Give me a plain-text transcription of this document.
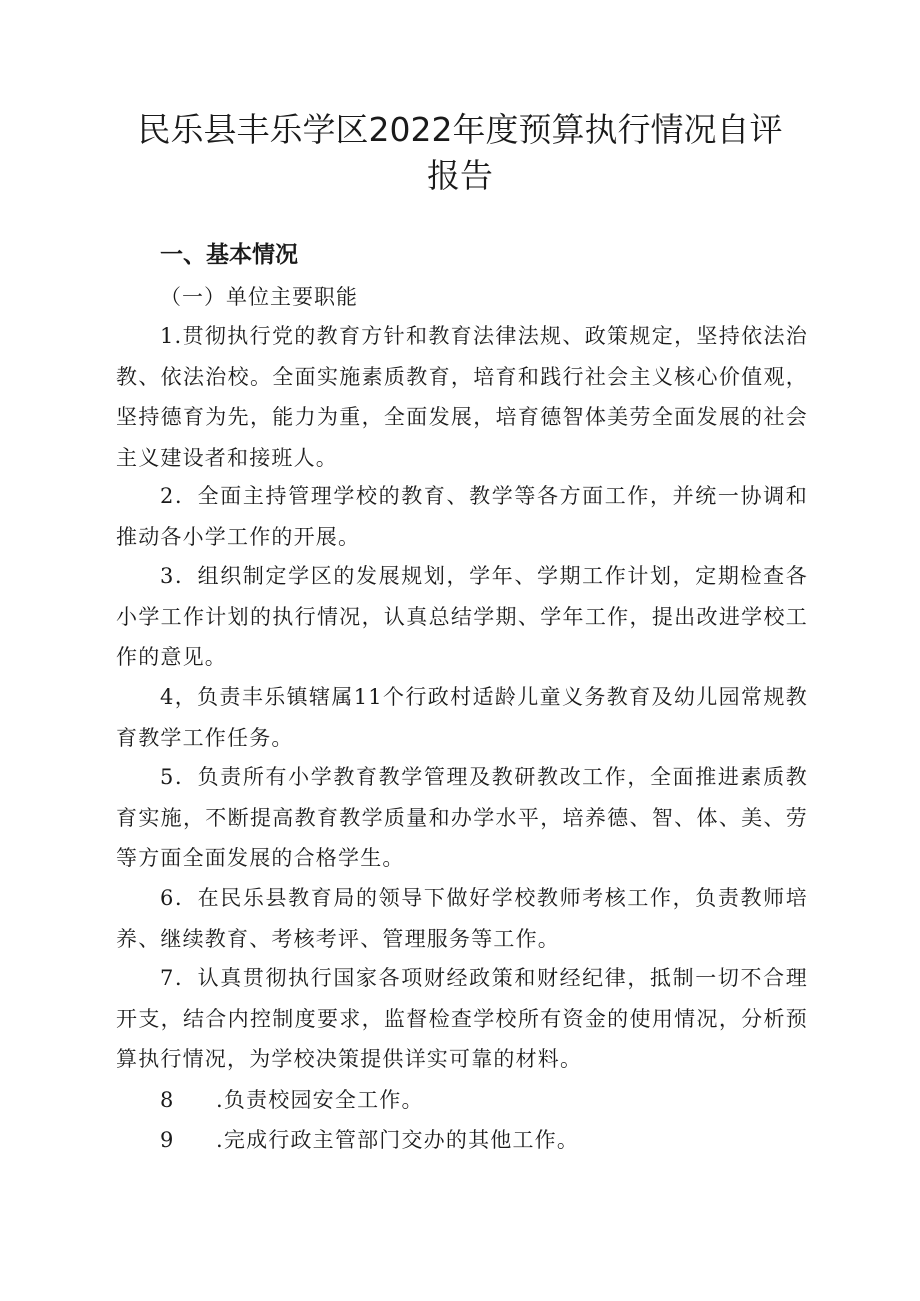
民乐县丰乐学区2022年度预算执行情况自评
报告
一、基本情况
（一）单位主要职能
1.贯彻执行党的教育方针和教育法律法规、政策规定，坚持依法治教、依法治校。全面实施素质教育，培育和践行社会主义核心价值观，坚持德育为先，能力为重，全面发展，培育德智体美劳全面发展的社会主义建设者和接班人。
2．全面主持管理学校的教育、教学等各方面工作，并统一协调和推动各小学工作的开展。
3．组织制定学区的发展规划，学年、学期工作计划，定期检查各小学工作计划的执行情况，认真总结学期、学年工作，提出改进学校工作的意见。
4，负责丰乐镇辖属11个行政村适龄儿童义务教育及幼儿园常规教育教学工作任务。
5．负责所有小学教育教学管理及教研教改工作，全面推进素质教育实施，不断提高教育教学质量和办学水平，培养德、智、体、美、劳等方面全面发展的合格学生。
6．在民乐县教育局的领导下做好学校教师考核工作，负责教师培养、继续教育、考核考评、管理服务等工作。
7．认真贯彻执行国家各项财经政策和财经纪律，抵制一切不合理开支，结合内控制度要求，监督检查学校所有资金的使用情况，分析预算执行情况，为学校决策提供详实可靠的材料。
8 .负责校园安全工作。
9 .完成行政主管部门交办的其他工作。
